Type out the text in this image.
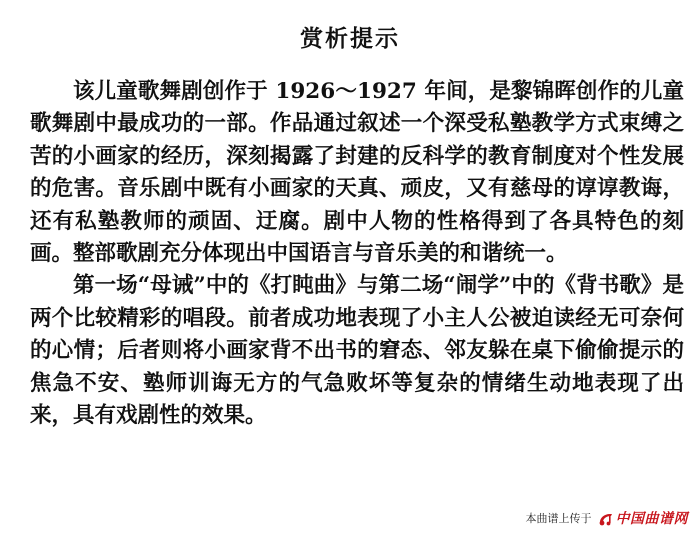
赏析提示

该儿童歌舞剧创作于 1926～1927 年间，是黎锦晖创作的儿童歌舞剧中最成功的一部。作品通过叙述一个深受私塾教学方式束缚之苦的小画家的经历，深刻揭露了封建的反科学的教育制度对个性发展的危害。音乐剧中既有小画家的天真、顽皮，又有慈母的谆谆教诲，还有私塾教师的顽固、迂腐。剧中人物的性格得到了各具特色的刻画。整部歌剧充分体现出中国语言与音乐美的和谐统一。

第一场“母诫”中的《打盹曲》与第二场“闹学”中的《背书歌》是两个比较精彩的唱段。前者成功地表现了小主人公被迫读经无可奈何的心情；后者则将小画家背不出书的窘态、邻友躲在桌下偷偷提示的焦急不安、塾师训诲无方的气急败坏等复杂的情绪生动地表现了出来，具有戏剧性的效果。

本曲谱上传于 中国曲谱网
